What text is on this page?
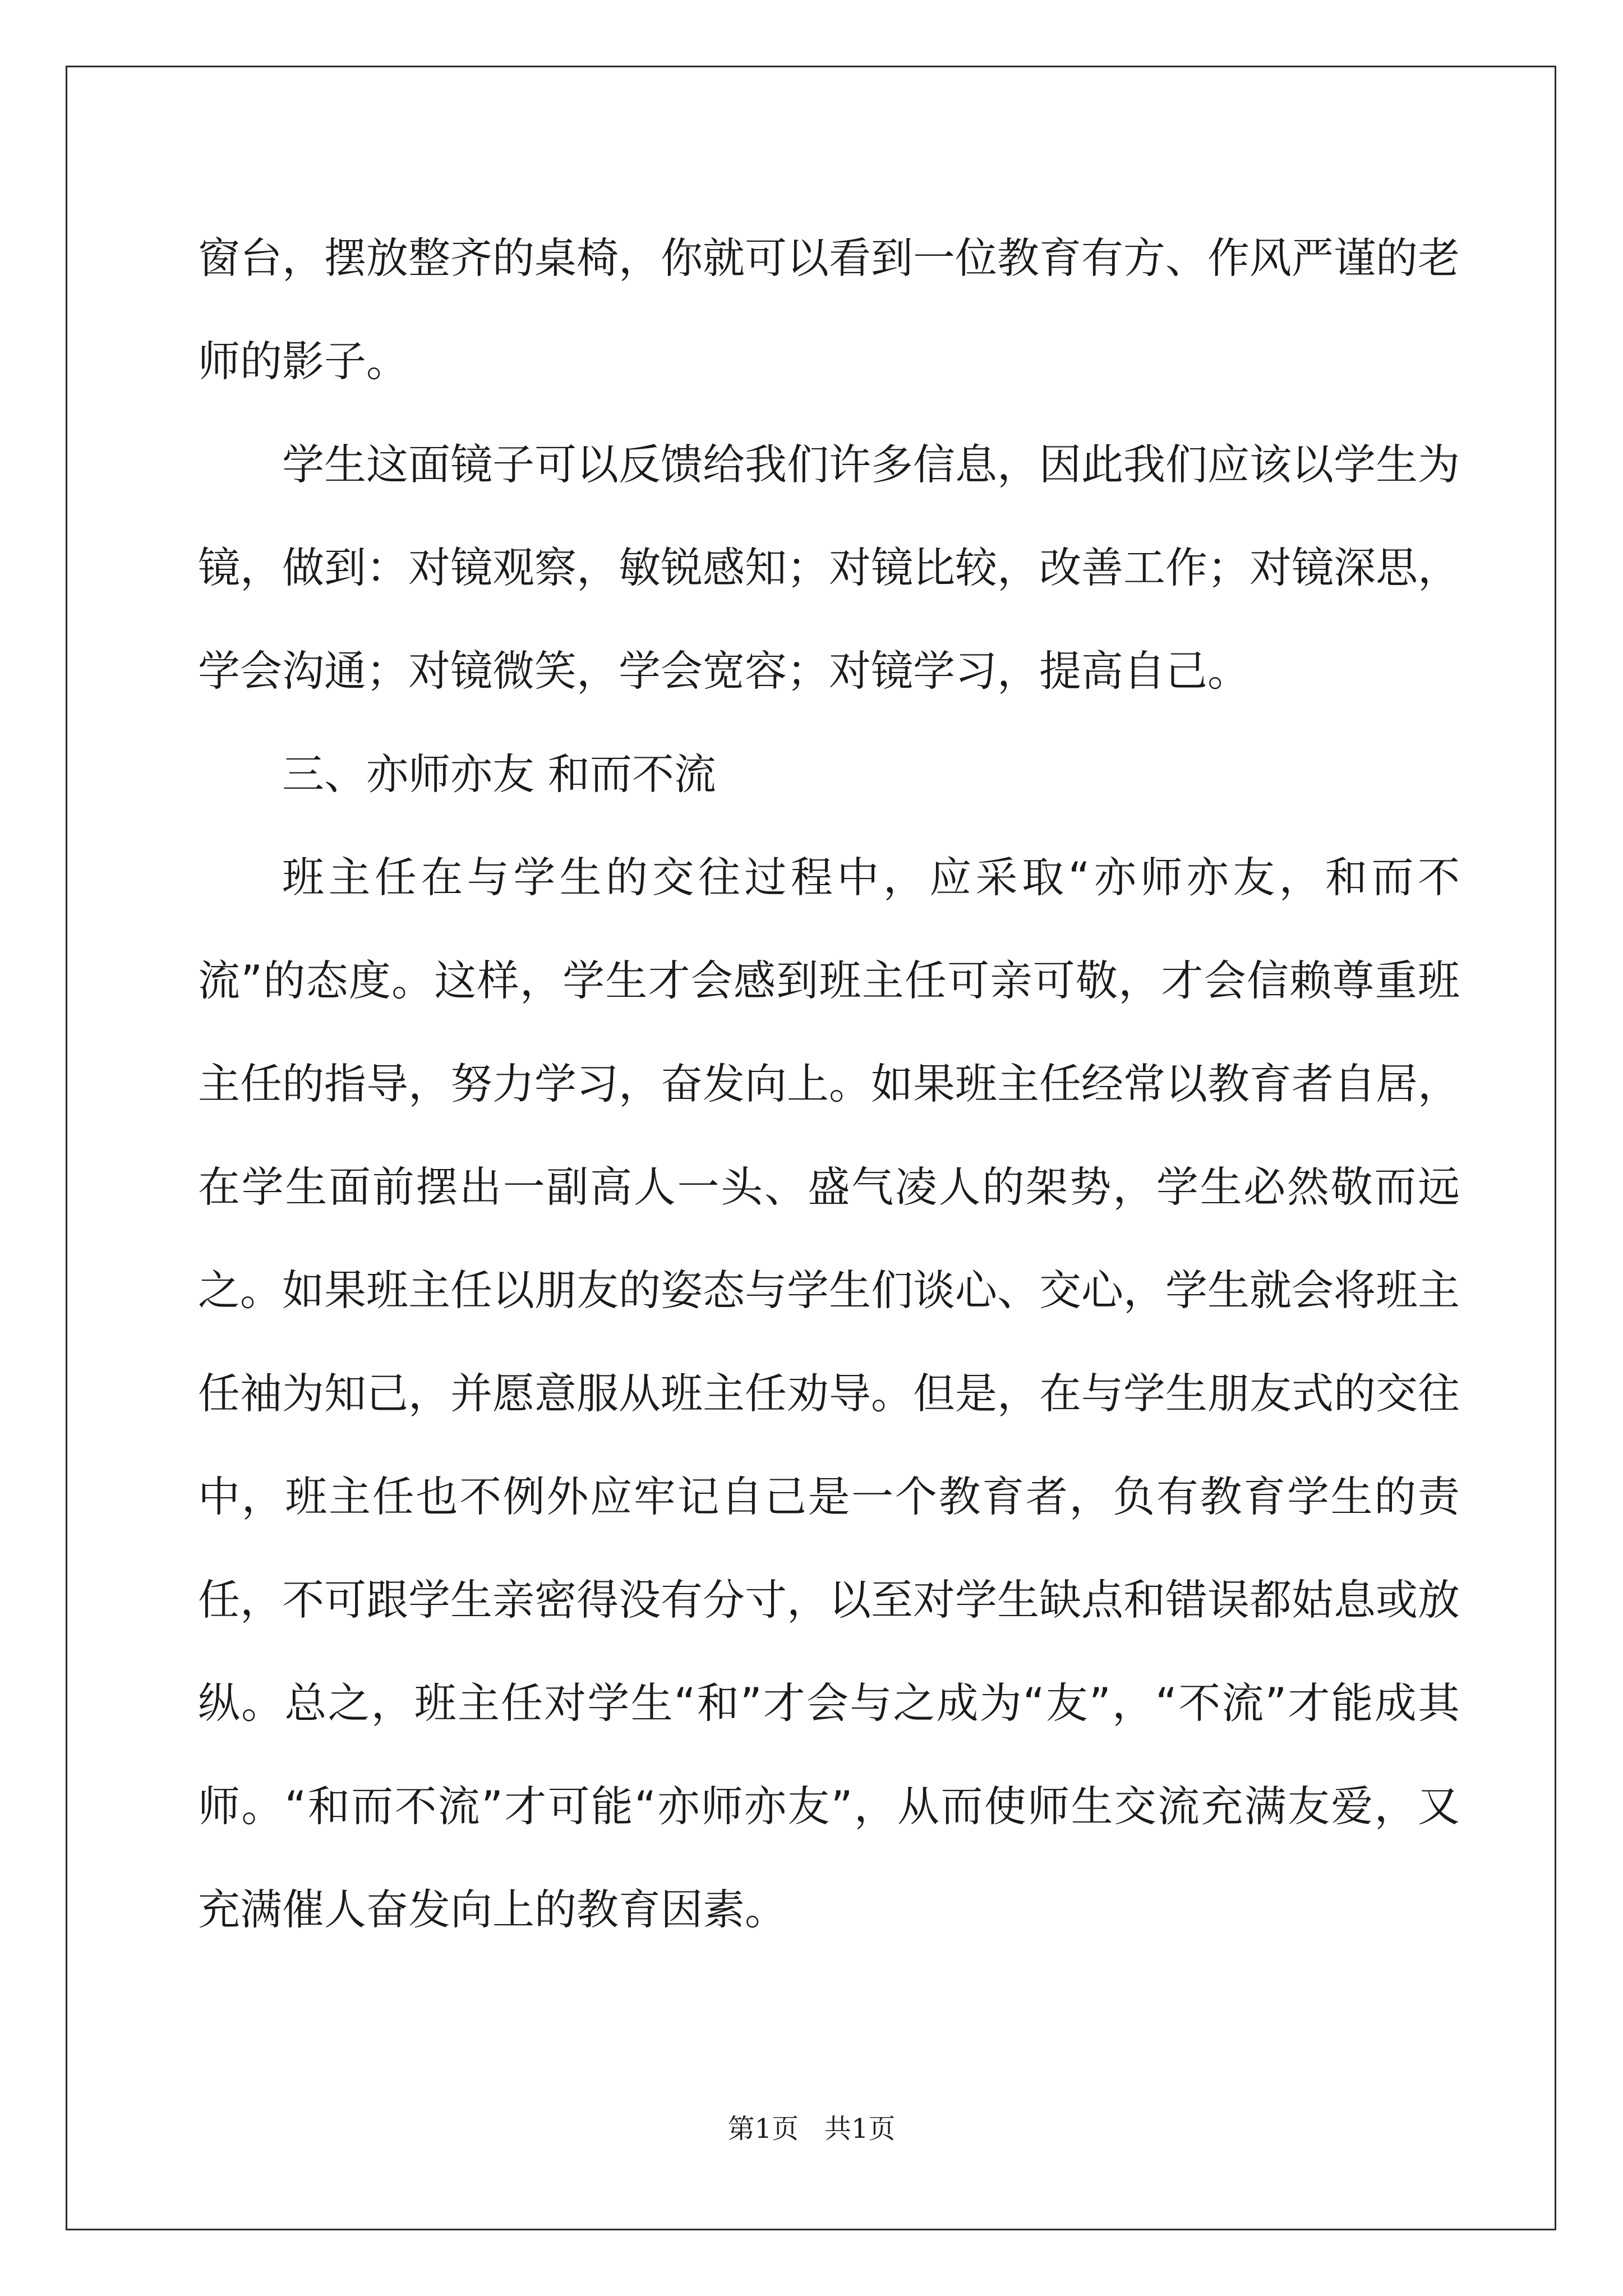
窗台，摆放整齐的桌椅，你就可以看到一位教育有方、作风严谨的老师的影子。

学生这面镜子可以反馈给我们许多信息，因此我们应该以学生为镜，做到：对镜观察，敏锐感知；对镜比较，改善工作；对镜深思，学会沟通；对镜微笑，学会宽容；对镜学习，提高自己。

三、亦师亦友 和而不流

班主任在与学生的交往过程中，应采取“亦师亦友，和而不流”的态度。这样，学生才会感到班主任可亲可敬，才会信赖尊重班主任的指导，努力学习，奋发向上。如果班主任经常以教育者自居，在学生面前摆出一副高人一头、盛气凌人的架势，学生必然敬而远之。如果班主任以朋友的姿态与学生们谈心、交心，学生就会将班主任袖为知己，并愿意服从班主任劝导。但是，在与学生朋友式的交往中，班主任也不例外应牢记自己是一个教育者，负有教育学生的责任，不可跟学生亲密得没有分寸，以至对学生缺点和错误都姑息或放纵。总之，班主任对学生“和”才会与之成为“友”，“不流”才能成其师。“和而不流”才可能“亦师亦友”，从而使师生交流充满友爱，又充满催人奋发向上的教育因素。

第1页 共1页
